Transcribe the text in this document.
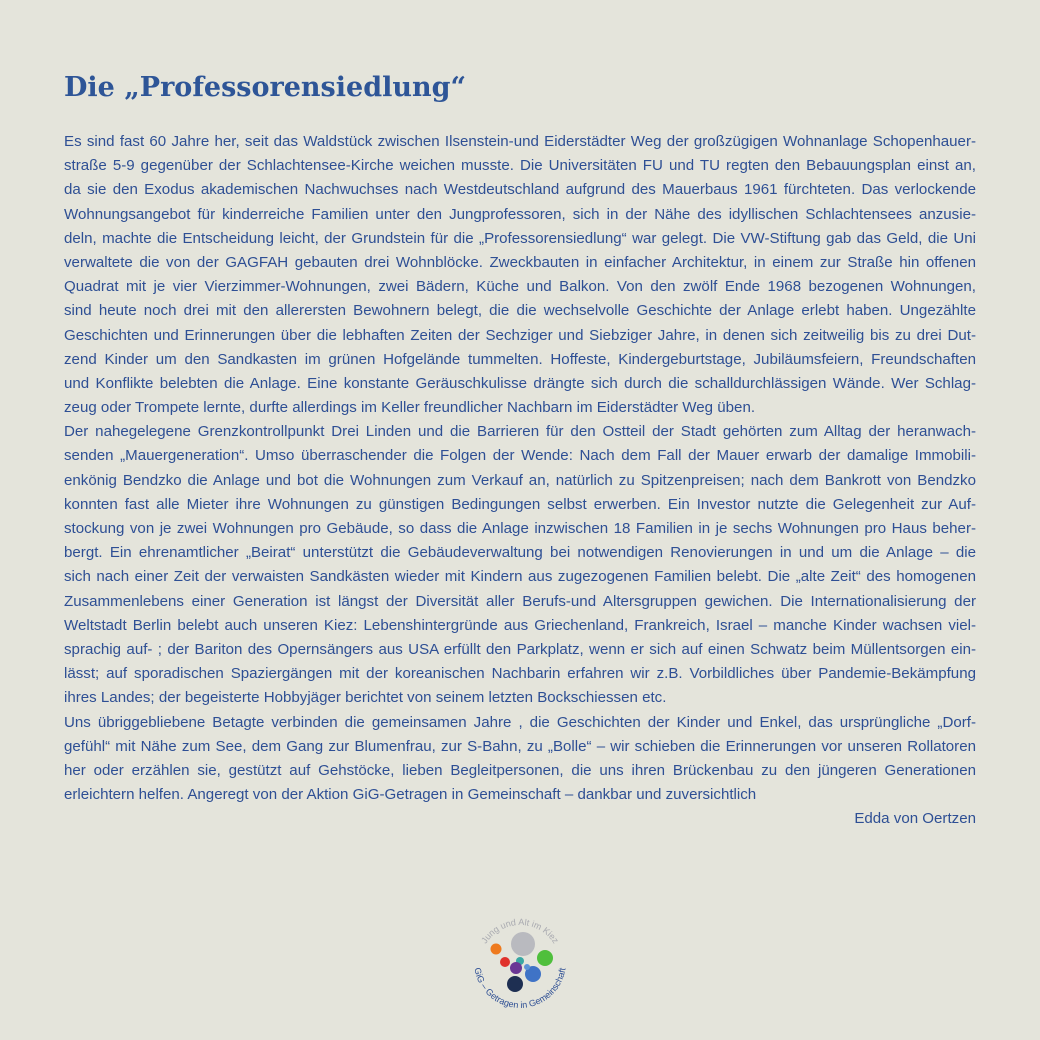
Die „Professorensiedlung“
Es sind fast 60 Jahre her, seit das Waldstück zwischen Ilsenstein-und Eiderstädter Weg der großzügigen Wohnanlage Schopenhauer-
straße 5-9 gegenüber der Schlachtensee-Kirche weichen musste. Die Universitäten FU und TU regten den Bebauungsplan einst an,
da sie den Exodus akademischen Nachwuchses nach Westdeutschland aufgrund des Mauerbaus 1961 fürchteten. Das verlockende
Wohnungsangebot für kinderreiche Familien unter den Jungprofessoren, sich in der Nähe des idyllischen Schlachtensees anzusie-
deln, machte die Entscheidung leicht, der Grundstein für die „Professorensiedlung“ war gelegt. Die VW-Stiftung gab das Geld, die Uni
verwaltete die von der GAGFAH gebauten drei Wohnblöcke. Zweckbauten in einfacher Architektur, in einem zur Straße hin offenen
Quadrat mit je vier Vierzimmer-Wohnungen, zwei Bädern, Küche und Balkon. Von den zwölf Ende 1968 bezogenen Wohnungen,
sind heute noch drei mit den allerersten Bewohnern belegt, die die wechselvolle Geschichte der Anlage erlebt haben. Ungezählte
Geschichten und Erinnerungen über die lebhaften Zeiten der Sechziger und Siebziger Jahre, in denen sich zeitweilig bis zu drei Dut-
zend Kinder um den Sandkasten im grünen Hofgelände tummelten. Hoffeste, Kindergeburtstage, Jubiläumsfeiern, Freundschaften
und Konflikte belebten die Anlage. Eine konstante Geräuschkulisse drängte sich durch die schalldurchlässigen Wände. Wer Schlag-
zeug oder Trompete lernte, durfte allerdings im Keller freundlicher Nachbarn im Eiderstädter Weg üben.
Der nahegelegene Grenzkontrollpunkt Drei Linden und die Barrieren für den Ostteil der Stadt gehörten zum Alltag der heranwach-
senden „Mauergeneration“. Umso überraschender die Folgen der Wende: Nach dem Fall der Mauer erwarb der damalige Immobili-
enkönig Bendzko die Anlage und bot die Wohnungen zum Verkauf an, natürlich zu Spitzenpreisen; nach dem Bankrott von Bendzko
konnten fast alle Mieter ihre Wohnungen zu günstigen Bedingungen selbst erwerben. Ein Investor nutzte die Gelegenheit zur Auf-
stockung von je zwei Wohnungen pro Gebäude, so dass die Anlage inzwischen 18 Familien in je sechs Wohnungen pro Haus beher-
bergt. Ein ehrenamtlicher „Beirat“ unterstützt die Gebäudeverwaltung bei notwendigen Renovierungen in und um die Anlage – die
sich nach einer Zeit der verwaisten Sandkästen wieder mit Kindern aus zugezogenen Familien belebt. Die „alte Zeit“ des homogenen
Zusammenlebens einer Generation ist längst der Diversität aller Berufs-und Altersgruppen gewichen. Die Internationalisierung der
Weltstadt Berlin belebt auch unseren Kiez: Lebenshintergründe aus Griechenland, Frankreich, Israel – manche Kinder wachsen viel-
sprachig auf- ; der Bariton des Opernsängers aus USA erfüllt den Parkplatz, wenn er sich auf einen Schwatz beim Müllentsorgen ein-
lässt; auf sporadischen Spaziergängen mit der koreanischen Nachbarin erfahren wir z.B. Vorbildliches über Pandemie-Bekämpfung
ihres Landes; der begeisterte Hobbyjäger berichtet von seinem letzten Bockschiessen etc.
Uns übriggebliebene Betagte verbinden die gemeinsamen Jahre , die Geschichten der Kinder und Enkel, das ursprüngliche „Dorf-
gefühl“ mit Nähe zum See, dem Gang zur Blumenfrau, zur S-Bahn, zu „Bolle“ – wir schieben die Erinnerungen vor unseren Rollatoren
her oder erzählen sie, gestützt auf Gehstöcke, lieben Begleitpersonen, die uns ihren Brückenbau zu den jüngeren Generationen
erleichtern helfen. Angeregt von der Aktion GiG-Getragen in Gemeinschaft – dankbar und zuversichtlich
Edda von Oertzen
Jung und Alt im Kiez
GiG – Getragen in Gemeinschaft
